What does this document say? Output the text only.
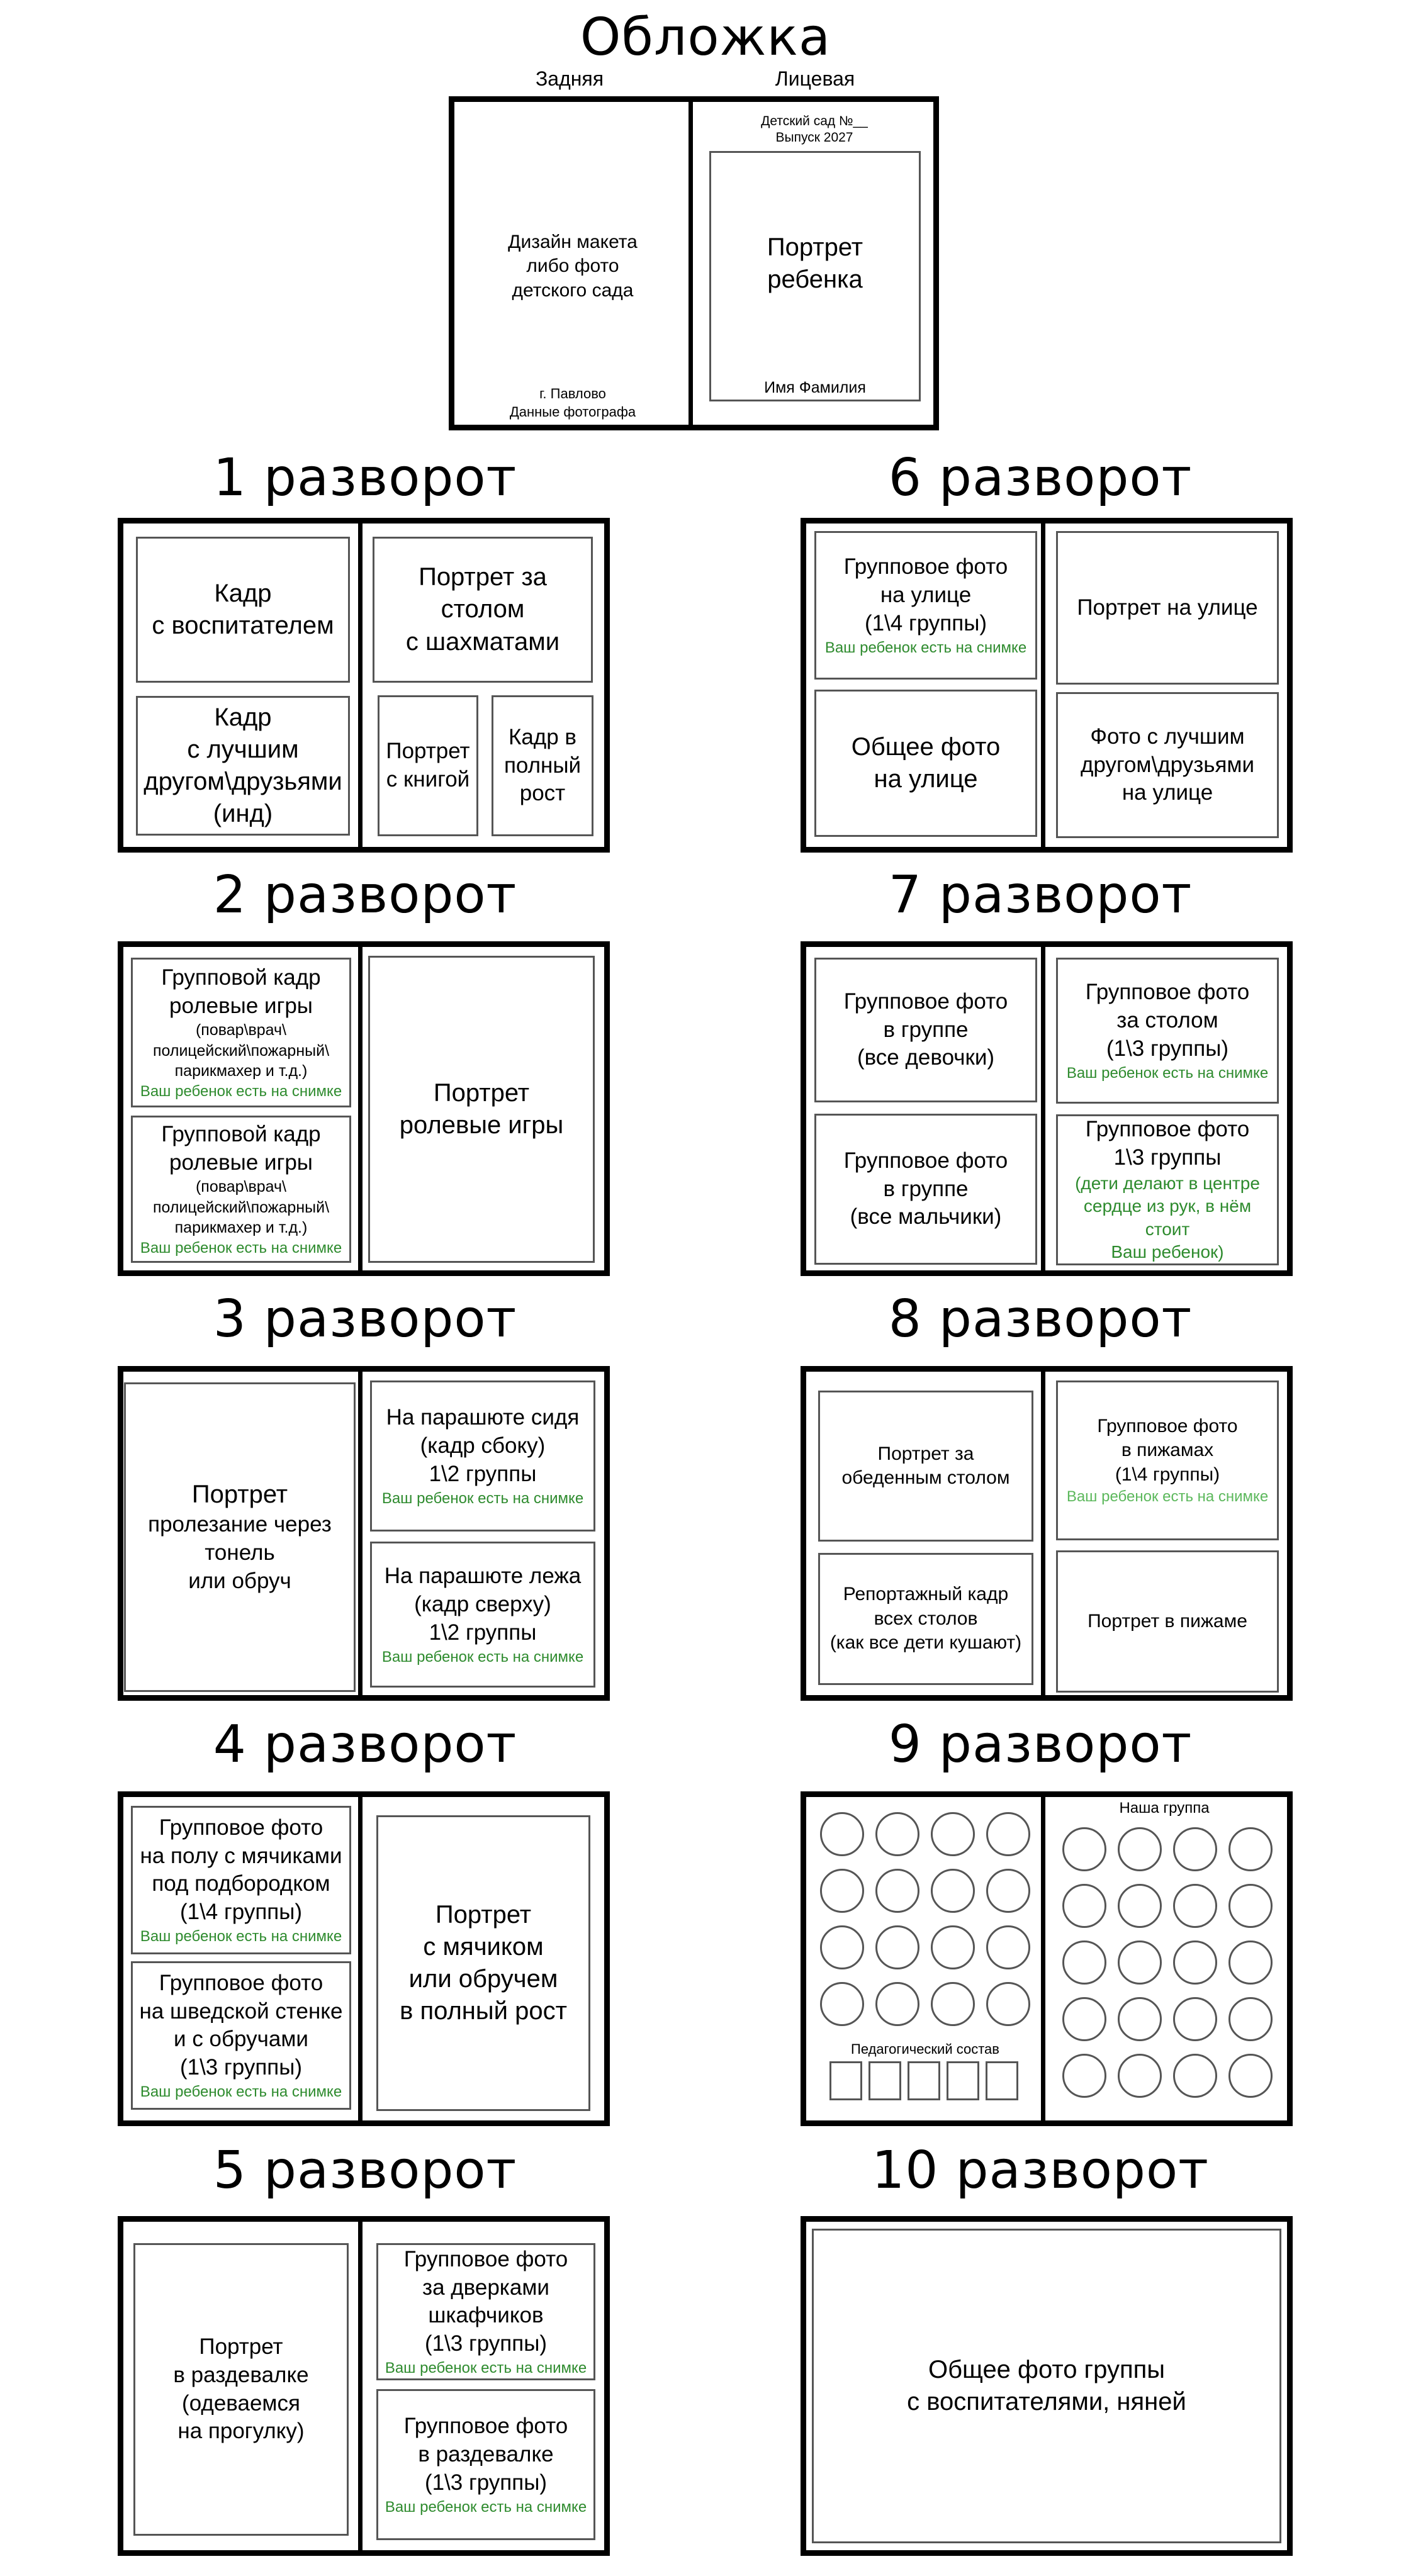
Обложка
Задняя	Лицевая
Дизайн макета
либо фото
детского сада
г. Павлово
Данные фотографа
Детский сад №__
Выпуск 2027
Портрет
ребенка
Имя Фамилия
1 разворот
Кадр
с воспитателем
Кадр
с лучшим
другом\друзьями
(инд)
Портрет за столом
с шахматами
Портрет
с книгой
Кадр в
полный
рост
6 разворот
Групповое фото
на улице
(1\4 группы)
Ваш ребенок есть на снимке
Общее фото
на улице
Портрет на улице
Фото с лучшим
другом\друзьями
на улице
2 разворот
Групповой кадр
ролевые игры
(повар\врач\
полицейский\пожарный\
парикмахер и т.д.)
Ваш ребенок есть на снимке
Групповой кадр
ролевые игры
(повар\врач\
полицейский\пожарный\
парикмахер и т.д.)
Ваш ребенок есть на снимке
Портрет
ролевые игры
7 разворот
Групповое фото
в группе
(все девочки)
Групповое фото
в группе
(все мальчики)
Групповое фото
за столом
(1\3 группы)
Ваш ребенок есть на снимке
Групповое фото
1\3 группы
(дети делают в центре
сердце из рук, в нём стоит
Ваш ребенок)
3 разворот
Портрет
пролезание через
тонель
или обруч
На парашюте сидя
(кадр сбоку)
1\2 группы
Ваш ребенок есть на снимке
На парашюте лежа
(кадр сверху)
1\2 группы
Ваш ребенок есть на снимке
8 разворот
Портрет за
обеденным столом
Репортажный кадр
всех столов
(как все дети кушают)
Групповое фото
в пижамах
(1\4 группы)
Ваш ребенок есть на снимке
Портрет в пижаме
4 разворот
Групповое фото
на полу с мячиками
под подбородком
(1\4 группы)
Ваш ребенок есть на снимке
Групповое фото
на шведской стенке
и с обручами
(1\3 группы)
Ваш ребенок есть на снимке
Портрет
с мячиком
или обручем
в полный рост
9 разворот
Педагогический состав
Наша группа
5 разворот
Портрет
в раздевалке
(одеваемся
на прогулку)
Групповое фото
за дверками
шкафчиков
(1\3 группы)
Ваш ребенок есть на снимке
Групповое фото
в раздевалке
(1\3 группы)
Ваш ребенок есть на снимке
10 разворот
Общее фото группы
с воспитателями, няней
